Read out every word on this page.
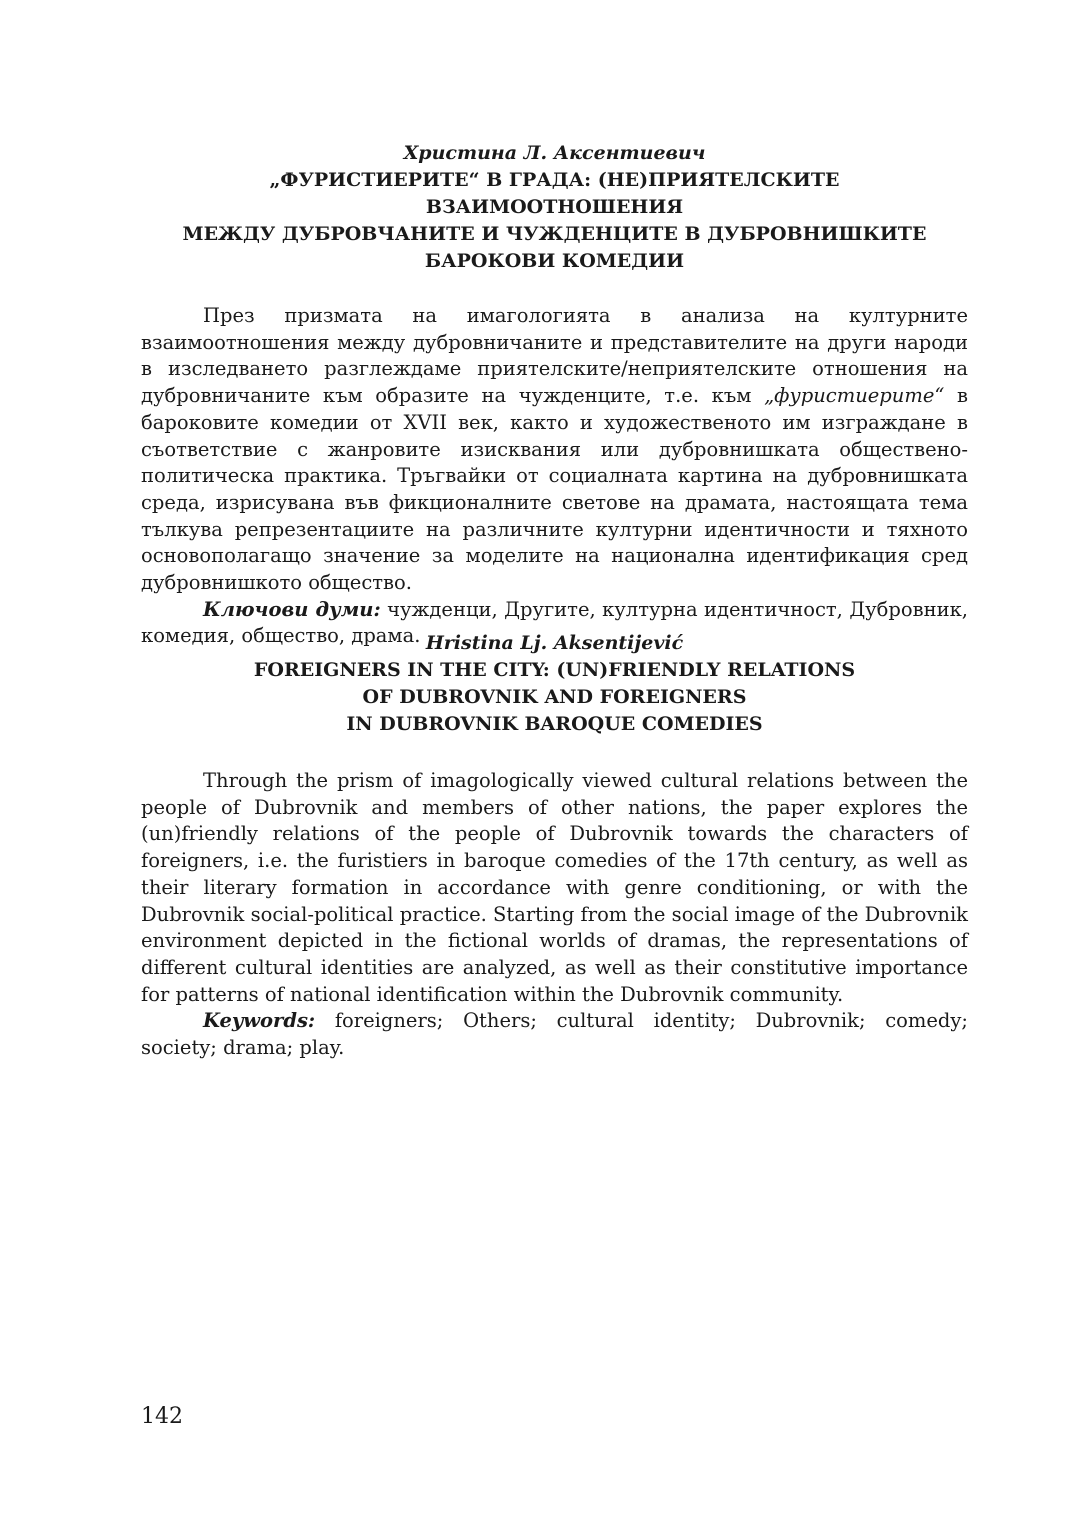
Христина Л. Аксентиевич

„ФУРИСТИЕРИТЕ“ В ГРАДА: (НЕ)ПРИЯТЕЛСКИТЕ ВЗАИМООТНОШЕНИЯ
МЕЖДУ ДУБРОВЧАНИТЕ И ЧУЖДЕНЦИТЕ В ДУБРОВНИШКИТЕ
БАРОКОВИ КОМЕДИИ

През призмата на имагологията в анализа на културните взаимоотношения между дубровничаните и представителите на други народи в изследването разглеждаме приятелските/неприятелските отношения на дубровничаните към образите на чужденците, т.е. към „фуристиерите“ в бароковите комедии от XVII век, както и художественото им изграждане в съответствие с жанровите изисквания или дубровнишката обществено-политическа практика. Тръгвайки от социалната картина на дубровнишката среда, изрисувана във фикционалните светове на драмата, настоящата тема тълкува репрезентациите на различните културни идентичности и тяхното основополагащо значение за моделите на национална идентификация сред дубровнишкото общество.

Ключови думи: чужденци, Другите, културна идентичност, Дубровник, комедия, общество, драма. Hristina Lj. Aksentijević

FOREIGNERS IN THE CITY: (UN)FRIENDLY RELATIONS
OF DUBROVNIK AND FOREIGNERS
IN DUBROVNIK BAROQUE COMEDIES

Through the prism of imagologically viewed cultural relations between the people of Dubrovnik and members of other nations, the paper explores the (un)friendly relations of the people of Dubrovnik towards the characters of foreigners, i.e. the furistiers in baroque comedies of the 17th century, as well as their literary formation in accordance with genre conditioning, or with the Dubrovnik social-political practice. Starting from the social image of the Dubrovnik environment depicted in the fictional worlds of dramas, the representations of different cultural identities are analyzed, as well as their constitutive importance for patterns of national identification within the Dubrovnik community.

Keywords: foreigners; Others; cultural identity; Dubrovnik; comedy; society; drama; play.

142
